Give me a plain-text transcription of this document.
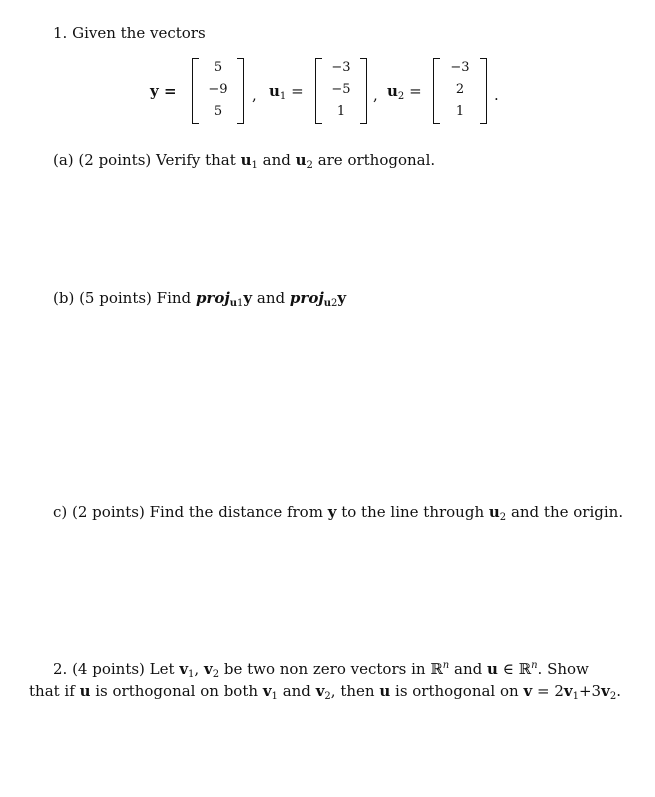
1. Given the vectors
y =
5
−9
5
, $u_1$ =
−3
−5
1
, $u_2$ =
−3
2
1
.
(a) (2 points) Verify that $u_1$ and $u_2$ are orthogonal.
(b) (5 points) Find proj$_{u1}$y and proj$_{u2}$y
c) (2 points) Find the distance from y to the line through $u_2$ and the origin.
2. (4 points) Let $v_1$, $v_2$ be two non zero vectors in ℝ$^n$ and u ∈ ℝ$^n$. Show
that if u is orthogonal on both $v_1$ and $v_2$, then u is orthogonal on $v = 2v_1+3v_2$.
